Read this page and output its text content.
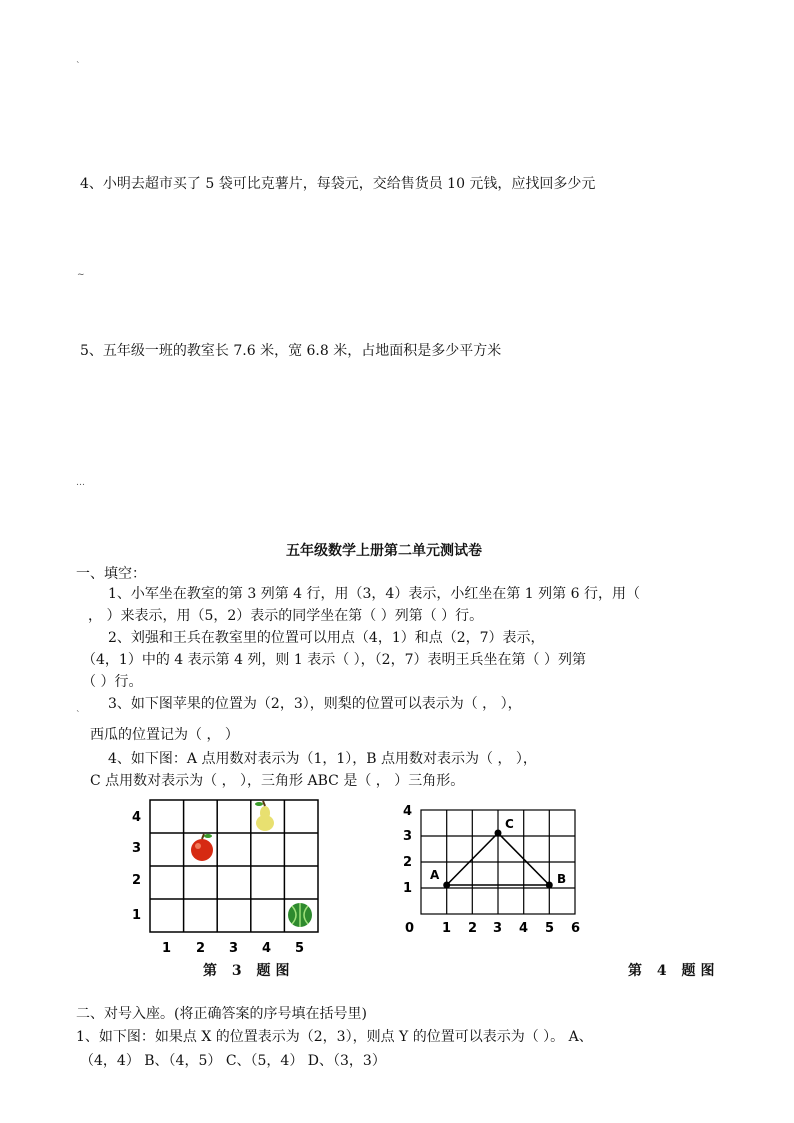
`
4、小明去超市买了 5 袋可比克薯片，每袋元，交给售货员 10 元钱，应找回多少元
~
5、五年级一班的教室长 7.6 米，宽 6.8 米，占地面积是多少平方米
…
五年级数学上册第二单元测试卷
一、填空：
1、小军坐在教室的第 3 列第 4 行，用（3，4）表示，小红坐在第 1 列第 6 行，用（
， ）来表示，用（5，2）表示的同学坐在第（ ）列第（ ）行。
2、刘强和王兵在教室里的位置可以用点（4，1）和点（2，7）表示，
（4，1）中的 4 表示第 4 列，则 1 表示（ ），（2，7）表明王兵坐在第（ ）列第
（ ）行。
3、如下图苹果的位置为（2，3），则梨的位置可以表示为（ ， ），
`
西瓜的位置记为（ ， ）
4、如下图：A 点用数对表示为（1，1），B 点用数对表示为（ ， ），
C 点用数对表示为（ ， ），三角形 ABC 是（ ， ）三角形。
4
3
2
1
1 2 3 4 5
第 3 题图
A	B
C
4
3
2
1
0 1 2 3 4 5 6
第 4 题图
二、对号入座。(将正确答案的序号填在括号里)
1、如下图：如果点 X 的位置表示为（2，3），则点 Y 的位置可以表示为（ ）。 A、
（4，4） B、（4，5） C、（5，4） D、（3，3）
